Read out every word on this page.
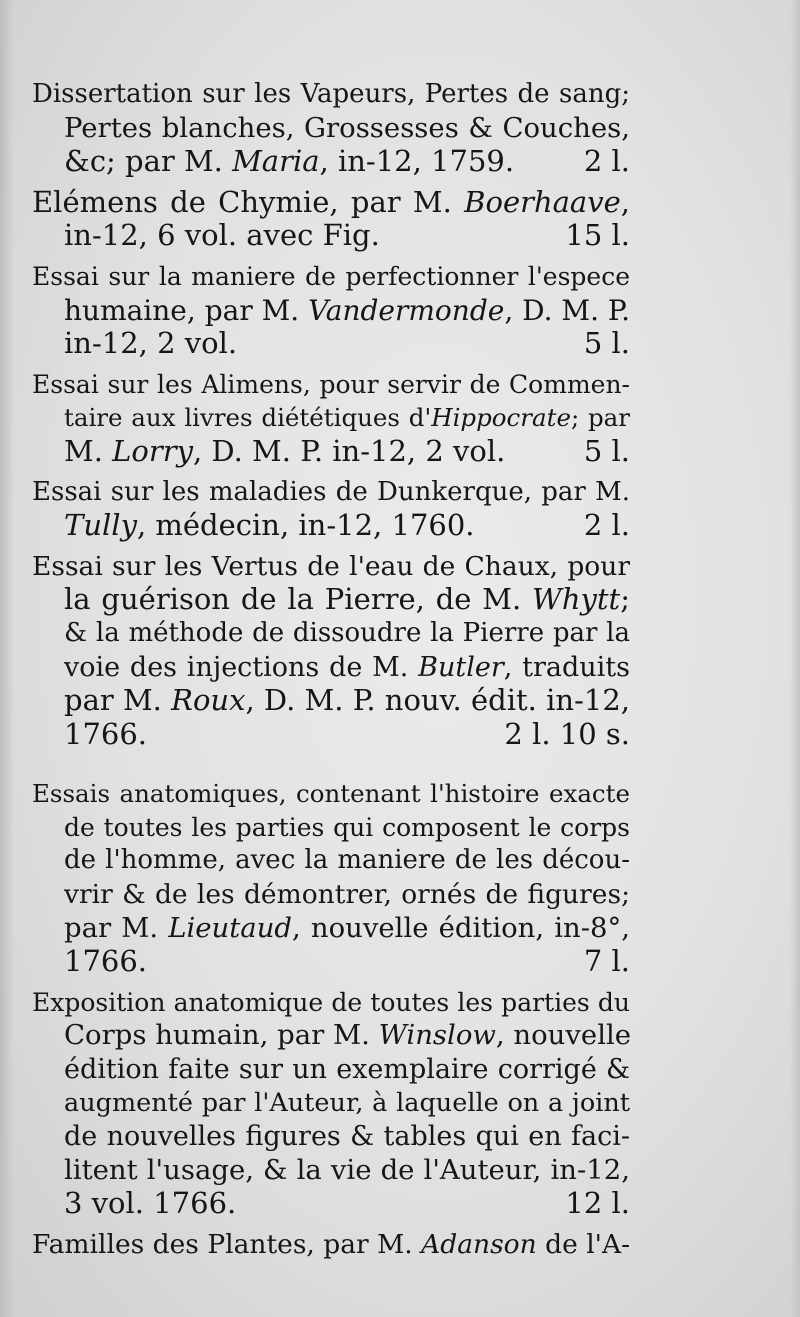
Dissertation sur les Vapeurs, Pertes de sang;
Pertes blanches, Grossesses & Couches,
&c; par M. Maria, in-12, 1759.	2 l.
Elémens de Chymie, par M. Boerhaave,
in-12, 6 vol. avec Fig.	15 l.
Essai sur la maniere de perfectionner l'espece
humaine, par M. Vandermonde, D. M. P.
in-12, 2 vol.	5 l.
Essai sur les Alimens, pour servir de Commen-
taire aux livres diététiques d'Hippocrate; par
M. Lorry, D. M. P. in-12, 2 vol.	5 l.
Essai sur les maladies de Dunkerque, par M.
Tully, médecin, in-12, 1760.	2 l.
Essai sur les Vertus de l'eau de Chaux, pour
la guérison de la Pierre, de M. Whytt;
& la méthode de dissoudre la Pierre par la
voie des injections de M. Butler, traduits
par M. Roux, D. M. P. nouv. édit. in-12,
1766.	2 l. 10 s.
Essais anatomiques, contenant l'histoire exacte
de toutes les parties qui composent le corps
de l'homme, avec la maniere de les décou-
vrir & de les démontrer, ornés de figures;
par M. Lieutaud, nouvelle édition, in-8°,
1766.	7 l.
Exposition anatomique de toutes les parties du
Corps humain, par M. Winslow, nouvelle
édition faite sur un exemplaire corrigé &
augmenté par l'Auteur, à laquelle on a joint
de nouvelles figures & tables qui en faci-
litent l'usage, & la vie de l'Auteur, in-12,
3 vol. 1766.	12 l.
Familles des Plantes, par M. Adanson de l'A-
